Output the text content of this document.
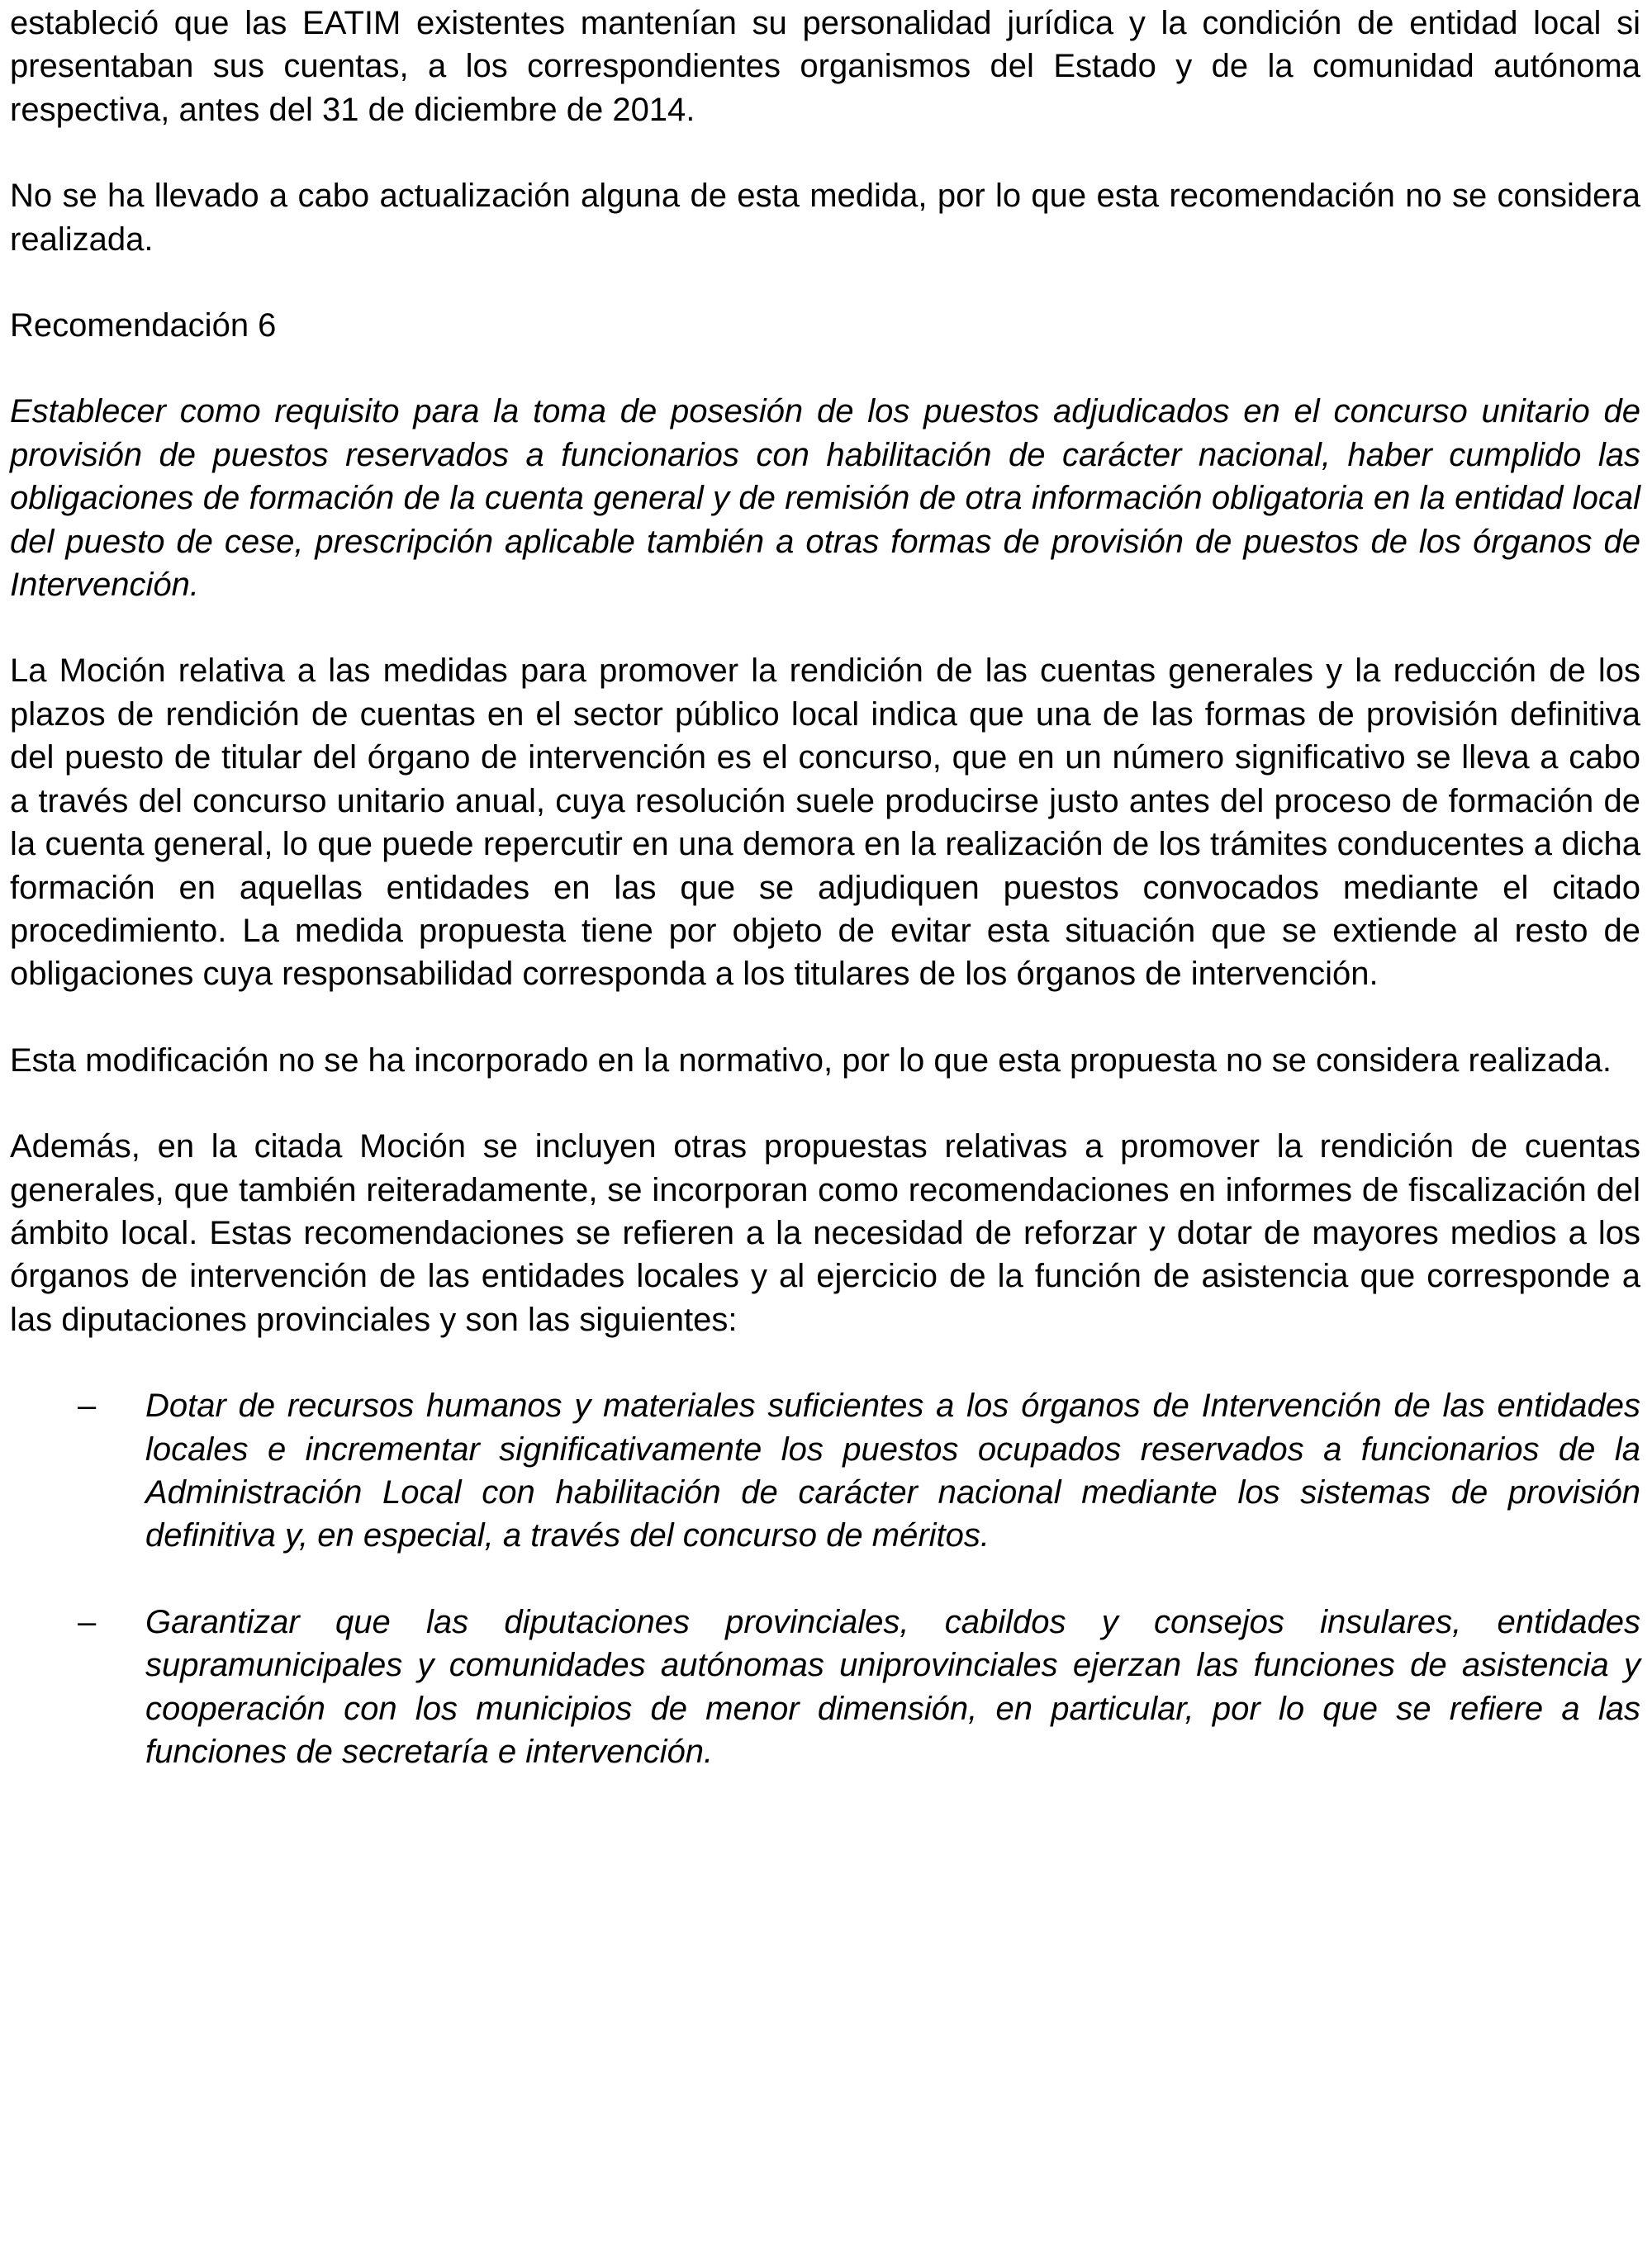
estableció que las EATIM existentes mantenían su personalidad jurídica y la condición de entidad local si presentaban sus cuentas, a los correspondientes organismos del Estado y de la comunidad autónoma respectiva, antes del 31 de diciembre de 2014.

No se ha llevado a cabo actualización alguna de esta medida, por lo que esta recomendación no se considera realizada.

Recomendación 6

Establecer como requisito para la toma de posesión de los puestos adjudicados en el concurso unitario de provisión de puestos reservados a funcionarios con habilitación de carácter nacional, haber cumplido las obligaciones de formación de la cuenta general y de remisión de otra información obligatoria en la entidad local del puesto de cese, prescripción aplicable también a otras formas de provisión de puestos de los órganos de Intervención.

La Moción relativa a las medidas para promover la rendición de las cuentas generales y la reducción de los plazos de rendición de cuentas en el sector público local indica que una de las formas de provisión definitiva del puesto de titular del órgano de intervención es el concurso, que en un número significativo se lleva a cabo a través del concurso unitario anual, cuya resolución suele producirse justo antes del proceso de formación de la cuenta general, lo que puede repercutir en una demora en la realización de los trámites conducentes a dicha formación en aquellas entidades en las que se adjudiquen puestos convocados mediante el citado procedimiento. La medida propuesta tiene por objeto de evitar esta situación que se extiende al resto de obligaciones cuya responsabilidad corresponda a los titulares de los órganos de intervención.

Esta modificación no se ha incorporado en la normativo, por lo que esta propuesta no se considera realizada.

Además, en la citada Moción se incluyen otras propuestas relativas a promover la rendición de cuentas generales, que también reiteradamente, se incorporan como recomendaciones en informes de fiscalización del ámbito local. Estas recomendaciones se refieren a la necesidad de reforzar y dotar de mayores medios a los órganos de intervención de las entidades locales y al ejercicio de la función de asistencia que corresponde a las diputaciones provinciales y son las siguientes:

– Dotar de recursos humanos y materiales suficientes a los órganos de Intervención de las entidades locales e incrementar significativamente los puestos ocupados reservados a funcionarios de la Administración Local con habilitación de carácter nacional mediante los sistemas de provisión definitiva y, en especial, a través del concurso de méritos.
– Garantizar que las diputaciones provinciales, cabildos y consejos insulares, entidades supramunicipales y comunidades autónomas uniprovinciales ejerzan las funciones de asistencia y cooperación con los municipios de menor dimensión, en particular, por lo que se refiere a las funciones de secretaría e intervención.
